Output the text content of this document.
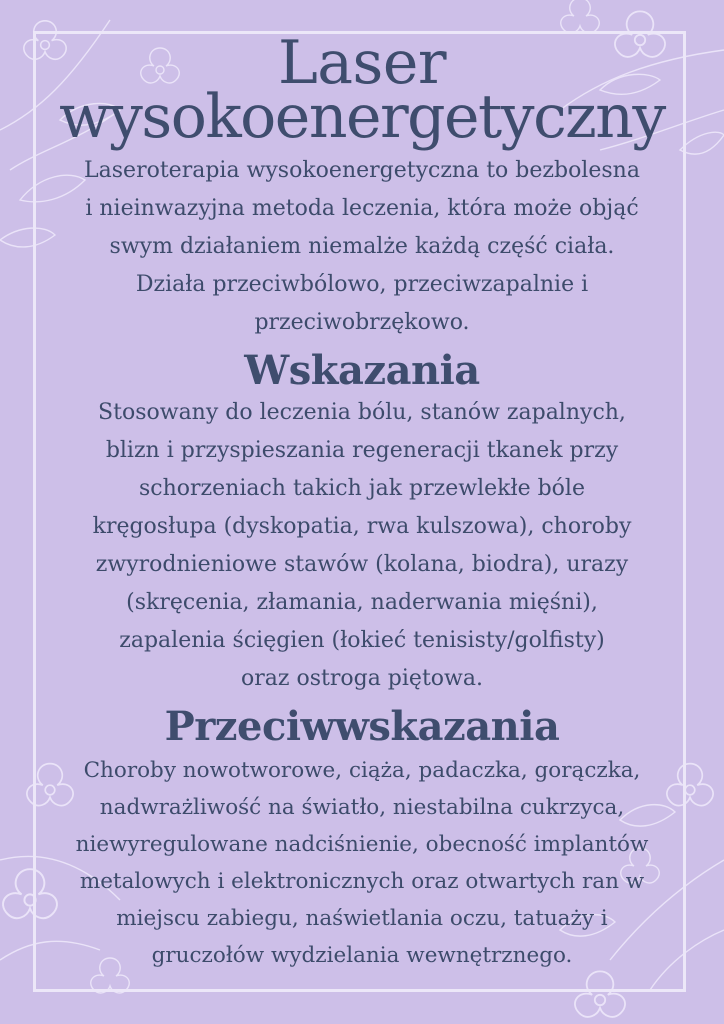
Laser
wysokoenergetyczny

Laseroterapia wysokoenergetyczna to bezbolesna
i nieinwazyjna metoda leczenia, która może objąć
swym działaniem niemalże każdą część ciała.
Działa przeciwbólowo, przeciwzapalnie i
przeciwobrzękowo.

Wskazania

Stosowany do leczenia bólu, stanów zapalnych,
blizn i przyspieszania regeneracji tkanek przy
schorzeniach takich jak przewlekłe bóle
kręgosłupa (dyskopatia, rwa kulszowa), choroby
zwyrodnieniowe stawów (kolana, biodra), urazy
(skręcenia, złamania, naderwania mięśni),
zapalenia ścięgien (łokieć tenisisty/golfisty)
oraz ostroga piętowa.

Przeciwwskazania

Choroby nowotworowe, ciąża, padaczka, gorączka,
nadwrażliwość na światło, niestabilna cukrzyca,
niewyregulowane nadciśnienie, obecność implantów
metalowych i elektronicznych oraz otwartych ran w
miejscu zabiegu, naświetlania oczu, tatuaży i
gruczołów wydzielania wewnętrznego.
